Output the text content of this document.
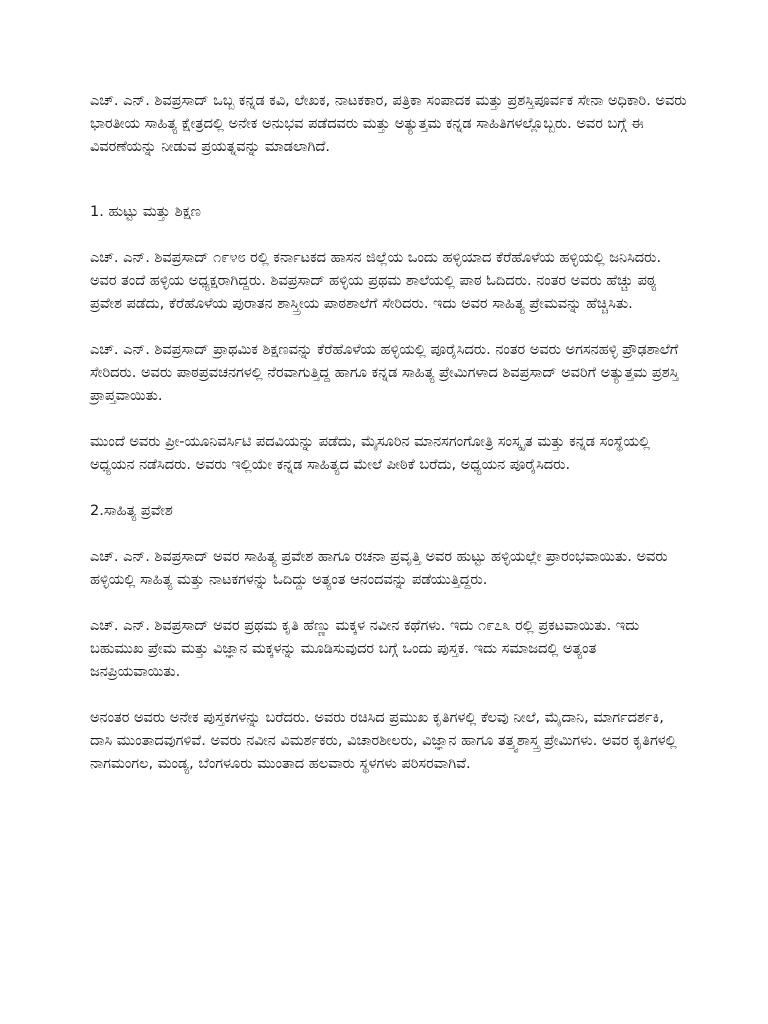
ಎಚ್. ಎನ್. ಶಿವಪ್ರಸಾದ್ ಒಬ್ಬ ಕನ್ನಡ ಕವಿ, ಲೇಖಕ, ನಾಟಕಕಾರ, ಪತ್ರಿಕಾ ಸಂಪಾದಕ ಮತ್ತು ಪ್ರಶಸ್ತಿಪೂರ್ವಕ ಸೇನಾ ಅಧಿಕಾರಿ. ಅವರು ಭಾರತೀಯ ಸಾಹಿತ್ಯ ಕ್ಷೇತ್ರದಲ್ಲಿ ಅನೇಕ ಅನುಭವ ಪಡೆದವರು ಮತ್ತು ಅತ್ಯುತ್ತಮ ಕನ್ನಡ ಸಾಹಿತಿಗಳಲ್ಲೊಬ್ಬರು. ಅವರ ಬಗ್ಗೆ ಈ ವಿವರಣೆಯನ್ನು ನೀಡುವ ಪ್ರಯತ್ನವನ್ನು ಮಾಡಲಾಗಿದೆ.

1. ಹುಟ್ಟು ಮತ್ತು ಶಿಕ್ಷಣ

ಎಚ್. ಎನ್. ಶಿವಪ್ರಸಾದ್ ೧೯೪೮ ರಲ್ಲಿ ಕರ್ನಾಟಕದ ಹಾಸನ ಜಿಲ್ಲೆಯ ಒಂದು ಹಳ್ಳಿಯಾದ ಕೆರೆಹೊಳೆಯ ಹಳ್ಳಿಯಲ್ಲಿ ಜನಿಸಿದರು. ಅವರ ತಂದೆ ಹಳ್ಳಿಯ ಅಧ್ಯಕ್ಷರಾಗಿದ್ದರು. ಶಿವಪ್ರಸಾದ್ ಹಳ್ಳಿಯ ಪ್ರಥಮ ಶಾಲೆಯಲ್ಲಿ ಪಾಠ ಓದಿದರು. ನಂತರ ಅವರು ಹೆಚ್ಚು ಪಠ್ಯ ಪ್ರವೇಶ ಪಡೆದು, ಕೆರೆಹೊಳೆಯ ಪುರಾತನ ಶಾಸ್ತ್ರೀಯ ಪಾಠಶಾಲೆಗೆ ಸೇರಿದರು. ಇದು ಅವರ ಸಾಹಿತ್ಯ ಪ್ರೇಮವನ್ನು ಹೆಚ್ಚಿಸಿತು.

ಎಚ್. ಎನ್. ಶಿವಪ್ರಸಾದ್ ಪ್ರಾಥಮಿಕ ಶಿಕ್ಷಣವನ್ನು ಕೆರೆಹೊಳೆಯ ಹಳ್ಳಿಯಲ್ಲಿ ಪೂರೈಸಿದರು. ನಂತರ ಅವರು ಅಗಸನಹಳ್ಳಿ ಪ್ರೌಢಶಾಲೆಗೆ ಸೇರಿದರು. ಅವರು ಪಾಠಪ್ರವಚನಗಳಲ್ಲಿ ನೆರವಾಗುತ್ತಿದ್ದ ಹಾಗೂ ಕನ್ನಡ ಸಾಹಿತ್ಯ ಪ್ರೇಮಿಗಳಾದ ಶಿವಪ್ರಸಾದ್ ಅವರಿಗೆ ಅತ್ಯುತ್ತಮ ಪ್ರಶಸ್ತಿ ಪ್ರಾಪ್ತವಾಯಿತು.

ಮುಂದೆ ಅವರು ಪ್ರೀ-ಯೂನಿವರ್ಸಿಟಿ ಪದವಿಯನ್ನು ಪಡೆದು, ಮೈಸೂರಿನ ಮಾನಸಗಂಗೋತ್ರಿ ಸಂಸ್ಕೃತ ಮತ್ತು ಕನ್ನಡ ಸಂಸ್ಥೆಯಲ್ಲಿ ಅಧ್ಯಯನ ನಡೆಸಿದರು. ಅವರು ಇಲ್ಲಿಯೇ ಕನ್ನಡ ಸಾಹಿತ್ಯದ ಮೇಲೆ ಪೀಠಿಕೆ ಬರೆದು, ಅಧ್ಯಯನ ಪೂರೈಸಿದರು.

2.ಸಾಹಿತ್ಯ ಪ್ರವೇಶ

ಎಚ್. ಎನ್. ಶಿವಪ್ರಸಾದ್ ಅವರ ಸಾಹಿತ್ಯ ಪ್ರವೇಶ ಹಾಗೂ ರಚನಾ ಪ್ರವೃತ್ತಿ ಅವರ ಹುಟ್ಟು ಹಳ್ಳಿಯಲ್ಲೇ ಪ್ರಾರಂಭವಾಯಿತು. ಅವರು ಹಳ್ಳಿಯಲ್ಲಿ ಸಾಹಿತ್ಯ ಮತ್ತು ನಾಟಕಗಳನ್ನು ಓದಿದ್ದು ಅತ್ಯಂತ ಆನಂದವನ್ನು ಪಡೆಯುತ್ತಿದ್ದರು.

ಎಚ್. ಎನ್. ಶಿವಪ್ರಸಾದ್ ಅವರ ಪ್ರಥಮ ಕೃತಿ ಹೆಣ್ಣು ಮಕ್ಕಳ ನವೀನ ಕಥೆಗಳು. ಇದು ೧೯೭೩ ರಲ್ಲಿ ಪ್ರಕಟವಾಯಿತು. ಇದು ಬಹುಮುಖ ಪ್ರೇಮ ಮತ್ತು ವಿಜ್ಞಾನ ಮಕ್ಕಳನ್ನು ಮೂಡಿಸುವುದರ ಬಗ್ಗೆ ಒಂದು ಪುಸ್ತಕ. ಇದು ಸಮಾಜದಲ್ಲಿ ಅತ್ಯಂತ ಜನಪ್ರಿಯವಾಯಿತು.

ಅನಂತರ ಅವರು ಅನೇಕ ಪುಸ್ತಕಗಳನ್ನು ಬರೆದರು. ಅವರು ರಚಿಸಿದ ಪ್ರಮುಖ ಕೃತಿಗಳಲ್ಲಿ ಕೆಲವು ನೀಲೆ, ಮೈದಾನಿ, ಮಾರ್ಗದರ್ಶಕಿ, ದಾಸಿ ಮುಂತಾದವುಗಳಿವೆ. ಅವರು ನವೀನ ವಿಮರ್ಶಕರು, ವಿಚಾರಶೀಲರು, ವಿಜ್ಞಾನ ಹಾಗೂ ತತ್ತ್ವಶಾಸ್ತ್ರ ಪ್ರೇಮಿಗಳು. ಅವರ ಕೃತಿಗಳಲ್ಲಿ ನಾಗಮಂಗಲ, ಮಂಡ್ಯ, ಬೆಂಗಳೂರು ಮುಂತಾದ ಹಲವಾರು ಸ್ಥಳಗಳು ಪರಿಸರವಾಗಿವೆ.
